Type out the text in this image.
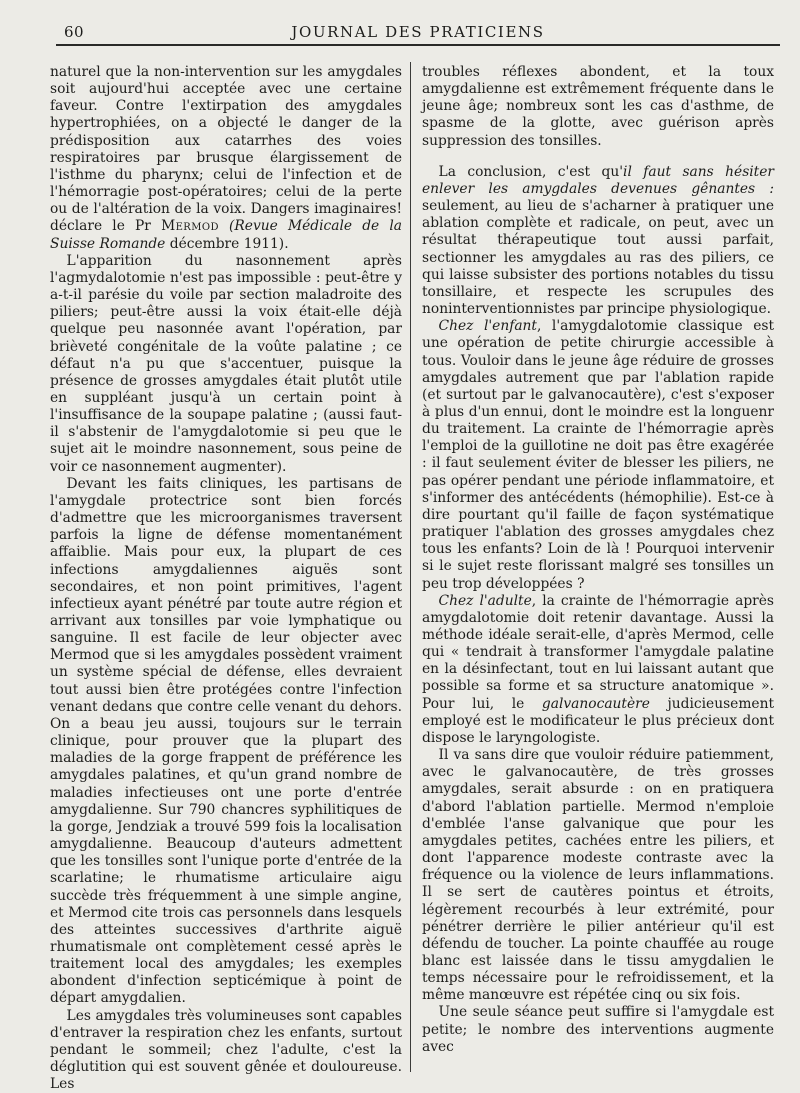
60	JOURNAL DES PRATICIENS

naturel que la non-intervention sur les amygdales soit aujourd'hui acceptée avec une certaine faveur. Contre l'extirpation des amygdales hypertrophiées, on a objecté le danger de la prédisposition aux catarrhes des voies respiratoires par brusque élargissement de l'isthme du pharynx; celui de l'infection et de l'hémorragie post-opératoires; celui de la perte ou de l'altération de la voix. Dangers imaginaires! déclare le Pr Mermod (Revue Médicale de la Suisse Romande décembre 1911).

L'apparition du nasonnement après l'agmydalotomie n'est pas impossible : peut-être y a-t-il parésie du voile par section maladroite des piliers; peut-être aussi la voix était-elle déjà quelque peu nasonnée avant l'opération, par brièveté congénitale de la voûte palatine ; ce défaut n'a pu que s'accentuer, puisque la présence de grosses amygdales était plutôt utile en suppléant jusqu'à un certain point à l'insuffisance de la soupape palatine ; (aussi faut-il s'abstenir de l'amygdalotomie si peu que le sujet ait le moindre nasonnement, sous peine de voir ce nasonnement augmenter).

Devant les faits cliniques, les partisans de l'amygdale protectrice sont bien forcés d'admettre que les microorganismes traversent parfois la ligne de défense momentanément affaiblie. Mais pour eux, la plupart de ces infections amygdaliennes aiguës sont secondaires, et non point primitives, l'agent infectieux ayant pénétré par toute autre région et arrivant aux tonsilles par voie lymphatique ou sanguine. Il est facile de leur objecter avec Mermod que si les amygdales possèdent vraiment un système spécial de défense, elles devraient tout aussi bien être protégées contre l'infection venant dedans que contre celle venant du dehors. On a beau jeu aussi, toujours sur le terrain clinique, pour prouver que la plupart des maladies de la gorge frappent de préférence les amygdales palatines, et qu'un grand nombre de maladies infectieuses ont une porte d'entrée amygdalienne. Sur 790 chancres syphilitiques de la gorge, Jendziak a trouvé 599 fois la localisation amygdalienne. Beaucoup d'auteurs admettent que les tonsilles sont l'unique porte d'entrée de la scarlatine; le rhumatisme articulaire aigu succède très fréquemment à une simple angine, et Mermod cite trois cas personnels dans lesquels des atteintes successives d'arthrite aiguë rhumatismale ont complètement cessé après le traitement local des amygdales; les exemples abondent d'infection septicémique à point de départ amygdalien.

Les amygdales très volumineuses sont capables d'entraver la respiration chez les enfants, surtout pendant le sommeil; chez l'adulte, c'est la déglutition qui est souvent gênée et douloureuse. Les

troubles réflexes abondent, et la toux amygdalienne est extrêmement fréquente dans le jeune âge; nombreux sont les cas d'asthme, de spasme de la glotte, avec guérison après suppression des tonsilles.

La conclusion, c'est qu'il faut sans hésiter enlever les amygdales devenues gênantes : seulement, au lieu de s'acharner à pratiquer une ablation complète et radicale, on peut, avec un résultat thérapeutique tout aussi parfait, sectionner les amygdales au ras des piliers, ce qui laisse subsister des portions notables du tissu tonsillaire, et respecte les scrupules des noninterventionnistes par principe physiologique.

Chez l'enfant, l'amygdalotomie classique est une opération de petite chirurgie accessible à tous. Vouloir dans le jeune âge réduire de grosses amygdales autrement que par l'ablation rapide (et surtout par le galvanocautère), c'est s'exposer à plus d'un ennui, dont le moindre est la longuenr du traitement. La crainte de l'hémorragie après l'emploi de la guillotine ne doit pas être exagérée : il faut seulement éviter de blesser les piliers, ne pas opérer pendant une période inflammatoire, et s'informer des antécédents (hémophilie). Est-ce à dire pourtant qu'il faille de façon systématique pratiquer l'ablation des grosses amygdales chez tous les enfants? Loin de là ! Pourquoi intervenir si le sujet reste florissant malgré ses tonsilles un peu trop développées ?

Chez l'adulte, la crainte de l'hémorragie après amygdalotomie doit retenir davantage. Aussi la méthode idéale serait-elle, d'après Mermod, celle qui « tendrait à transformer l'amygdale palatine en la désinfectant, tout en lui laissant autant que possible sa forme et sa structure anatomique ». Pour lui, le galvanocautère judicieusement employé est le modificateur le plus précieux dont dispose le laryngologiste.

Il va sans dire que vouloir réduire patiemment, avec le galvanocautère, de très grosses amygdales, serait absurde : on en pratiquera d'abord l'ablation partielle. Mermod n'emploie d'emblée l'anse galvanique que pour les amygdales petites, cachées entre les piliers, et dont l'apparence modeste contraste avec la fréquence ou la violence de leurs inflammations. Il se sert de cautères pointus et étroits, légèrement recourbés à leur extrémité, pour pénétrer derrière le pilier antérieur qu'il est défendu de toucher. La pointe chauffée au rouge blanc est laissée dans le tissu amygdalien le temps nécessaire pour le refroidissement, et la même manœuvre est répétée cinq ou six fois.

Une seule séance peut suffire si l'amygdale est petite; le nombre des interventions augmente avec
